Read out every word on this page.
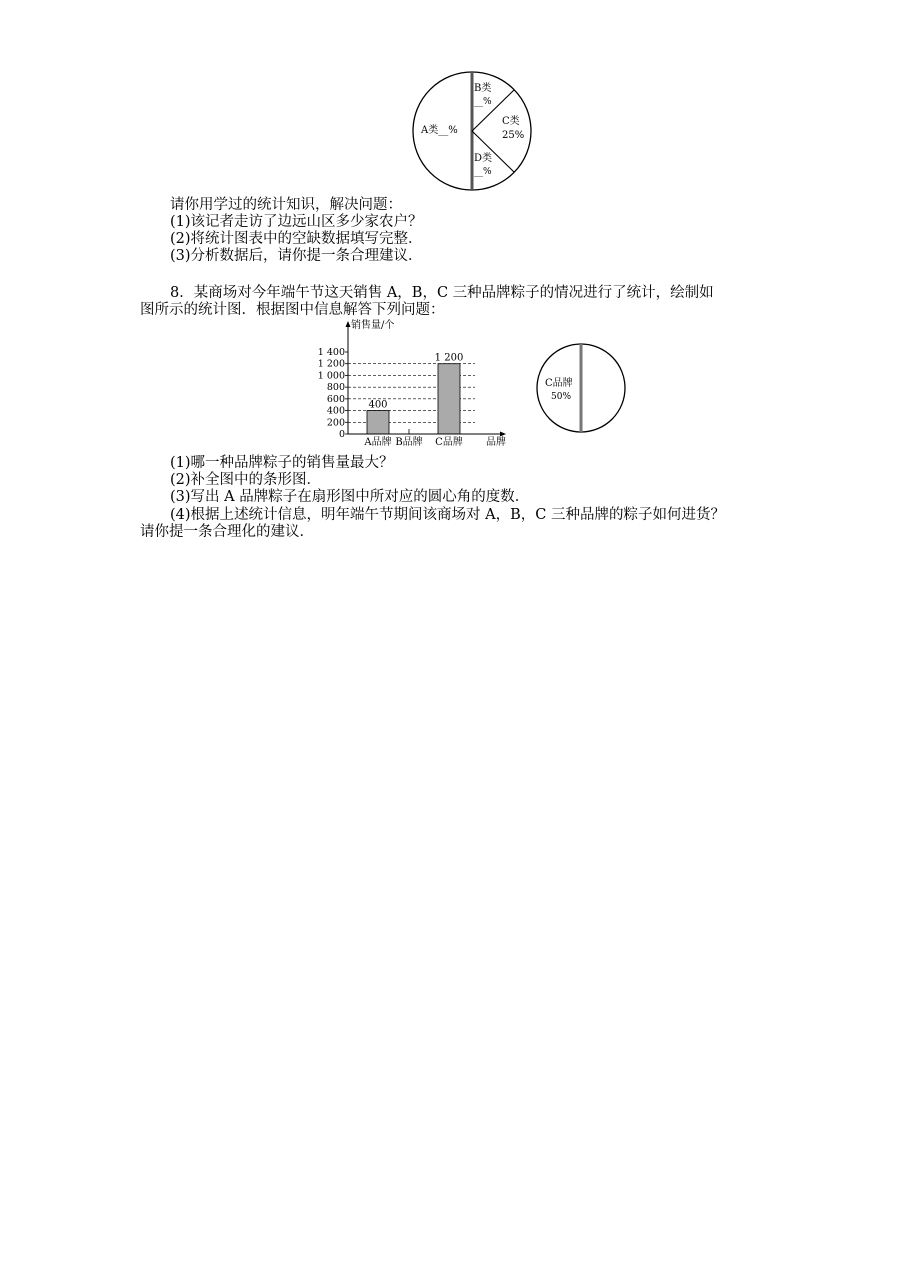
A类__%
B类
__%
C类
25%
D类
__%
请你用学过的统计知识，解决问题：
(1)该记者走访了边远山区多少家农户？
(2)将统计图表中的空缺数据填写完整．
(3)分析数据后，请你提一条合理建议．
8．某商场对今年端午节这天销售 A，B，C 三种品牌粽子的情况进行了统计，绘制如
图所示的统计图．根据图中信息解答下列问题：
0
200
400
600
800
1 000
1 200
1 400
400
A品牌 B品牌
1 200
C品牌
销售量/个
品牌
C品牌
50%
(1)哪一种品牌粽子的销售量最大？
(2)补全图中的条形图．
(3)写出 A 品牌粽子在扇形图中所对应的圆心角的度数．
(4)根据上述统计信息，明年端午节期间该商场对 A，B，C 三种品牌的粽子如何进货？
请你提一条合理化的建议．
